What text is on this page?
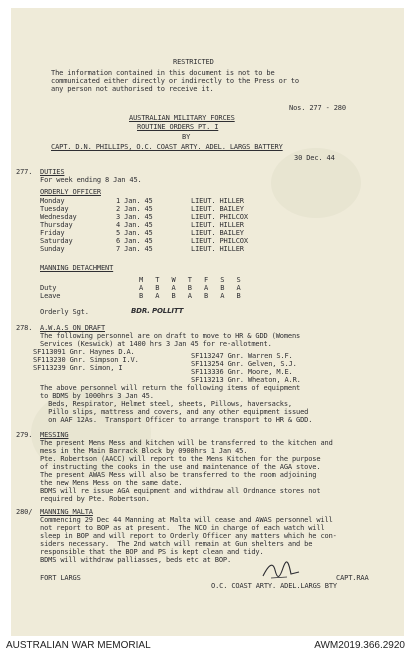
RESTRICTED
The information contained in this document is not to be
communicated either directly or indirectly to the Press or to
any person not authorised to receive it.
Nos. 277 - 280
AUSTRALIAN MILITARY FORCES
ROUTINE ORDERS PT. I
BY
CAPT. D.N. PHILLIPS, O.C. COAST ARTY. ADEL. LARGS BATTERY
30 Dec. 44
277. DUTIES
For week ending 8 Jan 45.
ORDERLY OFFICER
Monday	1 Jan. 45	LIEUT. HILLER
Tuesday	2 Jan. 45	LIEUT. BAILEY
Wednesday	3 Jan. 45	LIEUT. PHILCOX
Thursday	4 Jan. 45	LIEUT. HILLER
Friday	5 Jan. 45	LIEUT. BAILEY
Saturday	6 Jan. 45	LIEUT. PHILCOX
Sunday	7 Jan. 45	LIEUT. HILLER
MANNING DETACHMENT
M   T   W   T   F   S   S
Duty	A   B   A   B   A   B   A
Leave	B   A   B   A   B   A   B
Orderly Sgt.	BDR. POLLITT
278. A.W.A.S ON DRAFT
The following personnel are on draft to move to HR & GDD (Womens
Services (Keswick) at 1400 hrs 3 Jan 45 for re-allotment.
SF113091 Gnr. Haynes D.A.
SF113230 Gnr. Simpson I.V.
SF113239 Gnr. Simon, I
SF113247 Gnr. Warren S.F.
SF113254 Gnr. Gelven, S.J.
SF113336 Gnr. Moore, M.E.
SF113213 Gnr. Wheaton, A.R.
The above personnel will return the following items of equipment
to BDMS by 1000hrs 3 Jan 45.
Beds, Respirator, Helmet steel, sheets, Pillows, haversacks,
Pillo slips, mattress and covers, and any other equipment issued
on AAF 12As.  Transport Officer to arrange transport to HR & GDD.
279. MESSING
The present Mens Mess and kitchen will be transferred to the kitchen and
mess in the Main Barrack Block by 0900hrs 1 Jan 45.
Pte. Robertson (AACC) will report to the Mens Kitchen for the purpose
of instructing the cooks in the use and maintenance of the AGA stove.
The present AWAS Mess will also be transferred to the room adjoining
the new Mens Mess on the same date.
BDMS will re issue AGA equipment and withdraw all Ordnance stores not
required by Pte. Robertson.
280/ MANNING MALTA
Commencing 29 Dec 44 Manning at Malta will cease and AWAS personnel will
not report to BOP as at present.  The NCO in charge of each watch will
sleep in BOP and will report to Orderly Officer any matters which he con-
siders necessary.  The 2nd watch will remain at Gun shelters and be
responsible that the BOP and PS is kept clean and tidy.
BDMS will withdraw palliasses, beds etc at BOP.
FORT LARGS	CAPT.RAA
O.C. COAST ARTY. ADEL.LARGS BTY
AUSTRALIAN WAR MEMORIAL	AWM2019.366.2920
